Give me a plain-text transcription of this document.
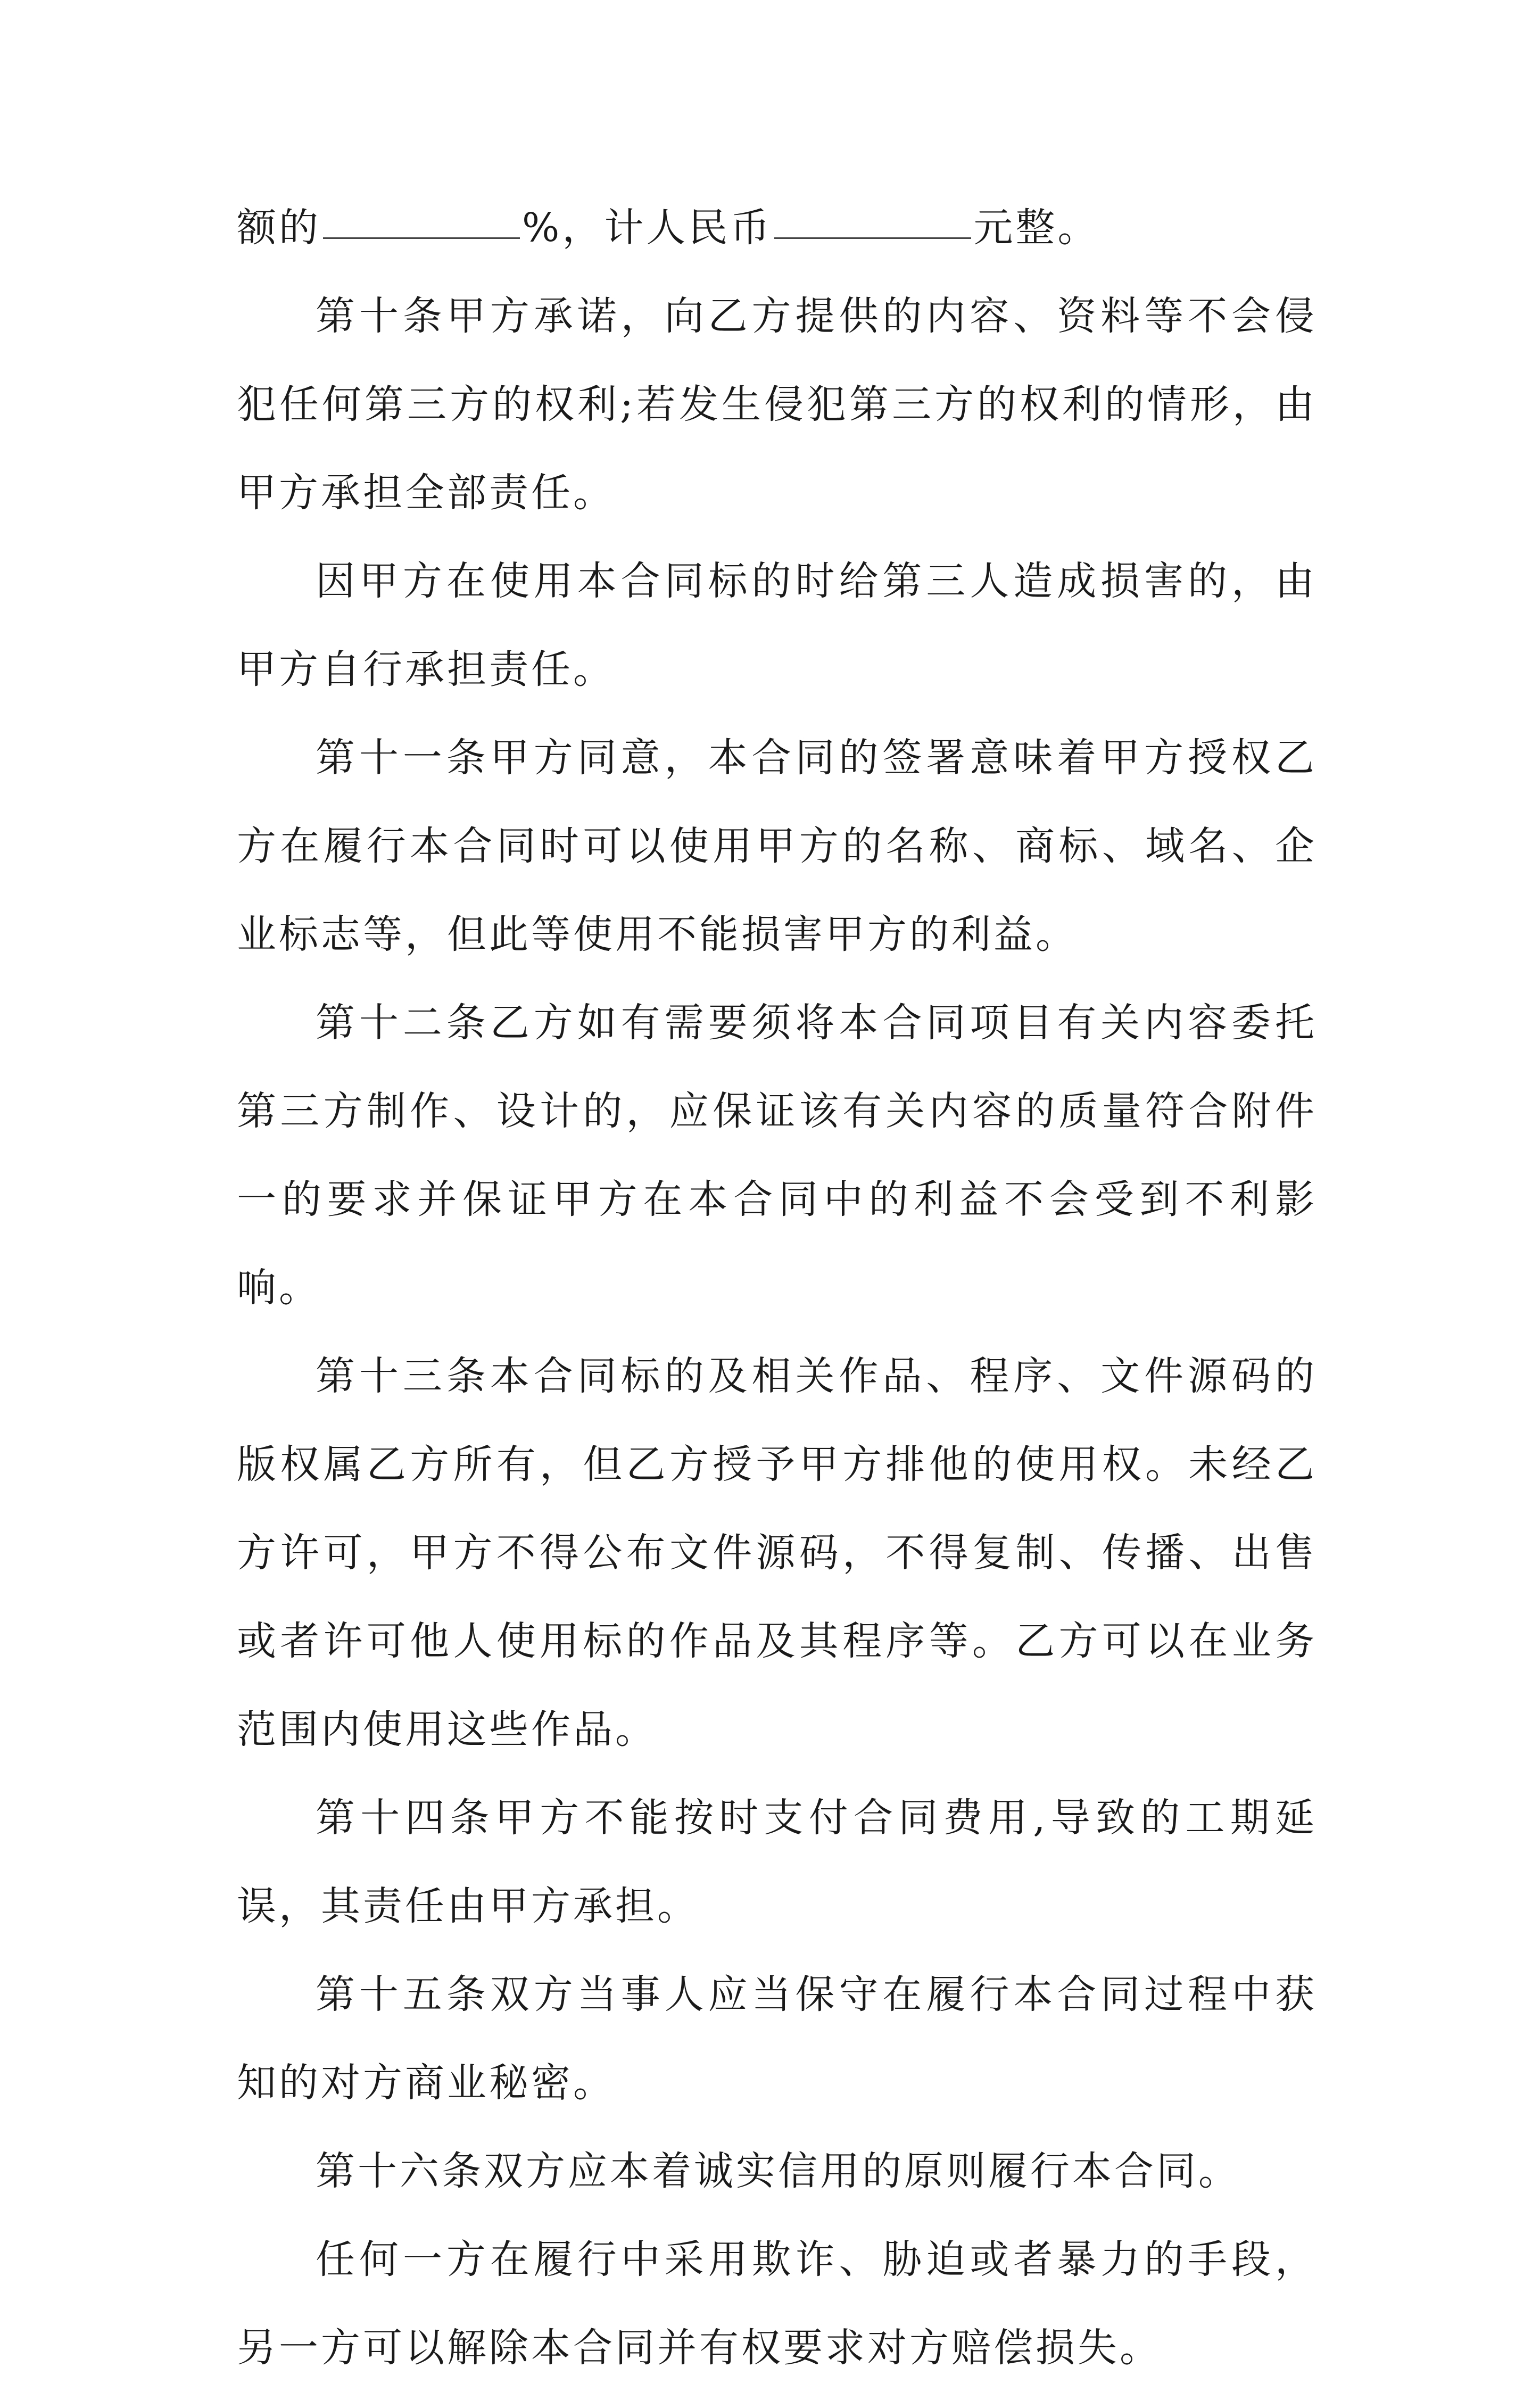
额的	%，计人民币	元整。

第十条甲方承诺，向乙方提供的内容、资料等不会侵犯任何第三方的权利;若发生侵犯第三方的权利的情形，由甲方承担全部责任。

因甲方在使用本合同标的时给第三人造成损害的，由甲方自行承担责任。

第十一条甲方同意，本合同的签署意味着甲方授权乙方在履行本合同时可以使用甲方的名称、商标、域名、企业标志等，但此等使用不能损害甲方的利益。

第十二条乙方如有需要须将本合同项目有关内容委托第三方制作、设计的，应保证该有关内容的质量符合附件一的要求并保证甲方在本合同中的利益不会受到不利影响。

第十三条本合同标的及相关作品、程序、文件源码的版权属乙方所有，但乙方授予甲方排他的使用权。未经乙方许可，甲方不得公布文件源码，不得复制、传播、出售或者许可他人使用标的作品及其程序等。乙方可以在业务范围内使用这些作品。

第十四条甲方不能按时支付合同费用,导致的工期延误，其责任由甲方承担。

第十五条双方当事人应当保守在履行本合同过程中获知的对方商业秘密。

第十六条双方应本着诚实信用的原则履行本合同。

任何一方在履行中采用欺诈、胁迫或者暴力的手段，另一方可以解除本合同并有权要求对方赔偿损失。
